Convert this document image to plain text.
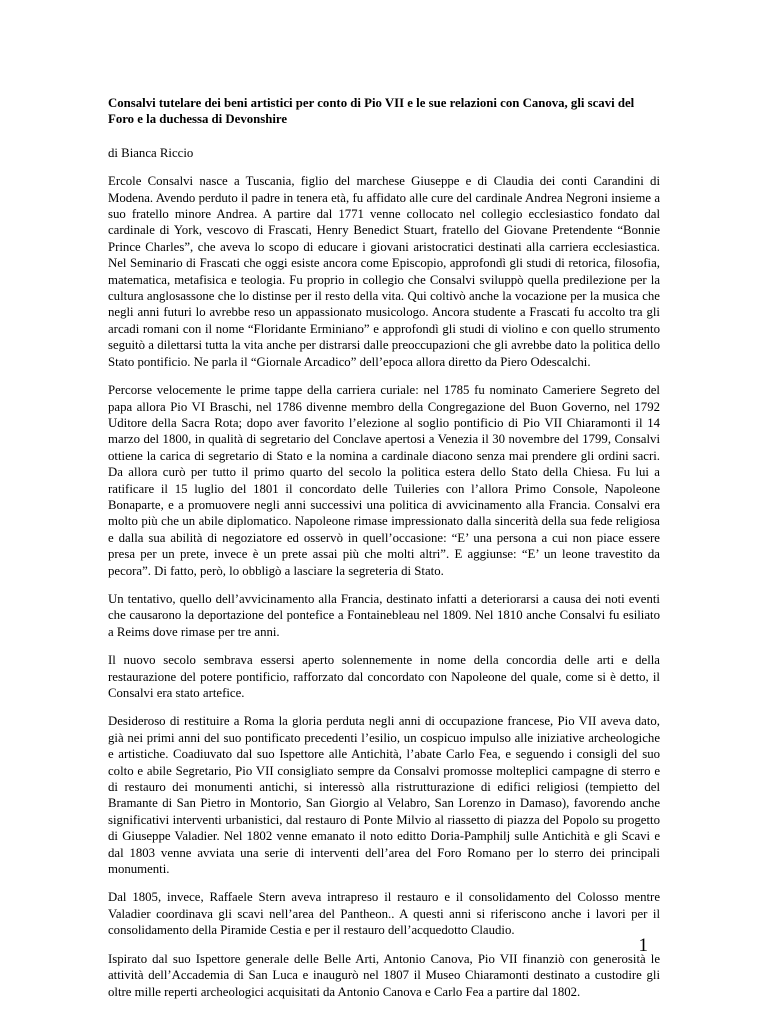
Consalvi tutelare dei beni artistici per conto di Pio VII e le sue relazioni con Canova, gli scavi del Foro e la duchessa di Devonshire

di Bianca Riccio

Ercole Consalvi nasce a Tuscania, figlio del marchese Giuseppe e di Claudia dei conti Carandini di Modena. Avendo perduto il padre in tenera età, fu affidato alle cure del cardinale Andrea Negroni insieme a suo fratello minore Andrea. A partire dal 1771 venne collocato nel collegio ecclesiastico fondato dal cardinale di York, vescovo di Frascati, Henry Benedict Stuart, fratello del Giovane Pretendente “Bonnie Prince Charles”, che aveva lo scopo di educare i giovani aristocratici destinati alla carriera ecclesiastica. Nel Seminario di Frascati che oggi esiste ancora come Episcopio, approfondì gli studi di retorica, filosofia, matematica, metafisica e teologia. Fu proprio in collegio che Consalvi sviluppò quella predilezione per la cultura anglosassone che lo distinse per il resto della vita. Qui coltivò anche la vocazione per la musica che negli anni futuri lo avrebbe reso un appassionato musicologo. Ancora studente a Frascati fu accolto tra gli arcadi romani con il nome “Floridante Erminiano” e approfondì gli studi di violino e con quello strumento seguitò a dilettarsi tutta la vita anche per distrarsi dalle preoccupazioni che gli avrebbe dato la politica dello Stato pontificio. Ne parla il “Giornale Arcadico” dell’epoca allora diretto da Piero Odescalchi.

Percorse velocemente le prime tappe della carriera curiale: nel 1785 fu nominato Cameriere Segreto del papa allora Pio VI Braschi, nel 1786 divenne membro della Congregazione del Buon Governo, nel 1792 Uditore della Sacra Rota; dopo aver favorito l’elezione al soglio pontificio di Pio VII Chiaramonti il 14 marzo del 1800, in qualità di segretario del Conclave apertosi a Venezia il 30 novembre del 1799, Consalvi ottiene la carica di segretario di Stato e la nomina a cardinale diacono senza mai prendere gli ordini sacri. Da allora curò per tutto il primo quarto del secolo la politica estera dello Stato della Chiesa. Fu lui a ratificare il 15 luglio del 1801 il concordato delle Tuileries con l’allora Primo Console, Napoleone Bonaparte, e a promuovere negli anni successivi una politica di avvicinamento alla Francia. Consalvi era molto più che un abile diplomatico. Napoleone rimase impressionato dalla sincerità della sua fede religiosa e dalla sua abilità di negoziatore ed osservò in quell’occasione: “E’ una persona a cui non piace essere presa per un prete, invece è un prete assai più che molti altri”. E aggiunse: “E’ un leone travestito da pecora”. Di fatto, però, lo obbligò a lasciare la segreteria di Stato.

Un tentativo, quello dell’avvicinamento alla Francia, destinato infatti a deteriorarsi a causa dei noti eventi che causarono la deportazione del pontefice a Fontainebleau nel 1809. Nel 1810 anche Consalvi fu esiliato a Reims dove rimase per tre anni.

Il nuovo secolo sembrava essersi aperto solennemente in nome della concordia delle arti e della restaurazione del potere pontificio, rafforzato dal concordato con Napoleone del quale, come si è detto, il Consalvi era stato artefice.

Desideroso di restituire a Roma la gloria perduta negli anni di occupazione francese, Pio VII aveva dato, già nei primi anni del suo pontificato precedenti l’esilio, un cospicuo impulso alle iniziative archeologiche e artistiche. Coadiuvato dal suo Ispettore alle Antichità, l’abate Carlo Fea, e seguendo i consigli del suo colto e abile Segretario, Pio VII consigliato sempre da Consalvi promosse molteplici campagne di sterro e di restauro dei monumenti antichi, si interessò alla ristrutturazione di edifici religiosi (tempietto del Bramante di San Pietro in Montorio, San Giorgio al Velabro, San Lorenzo in Damaso), favorendo anche significativi interventi urbanistici, dal restauro di Ponte Milvio al riassetto di piazza del Popolo su progetto di Giuseppe Valadier. Nel 1802 venne emanato il noto editto Doria-Pamphilj sulle Antichità e gli Scavi e dal 1803 venne avviata una serie di interventi dell’area del Foro Romano per lo sterro dei principali monumenti.

Dal 1805, invece, Raffaele Stern aveva intrapreso il restauro e il consolidamento del Colosso mentre Valadier coordinava gli scavi nell’area del Pantheon.. A questi anni si riferiscono anche i lavori per il consolidamento della Piramide Cestia e per il restauro dell’acquedotto Claudio.

Ispirato dal suo Ispettore generale delle Belle Arti, Antonio Canova, Pio VII finanziò con generosità le attività dell’Accademia di San Luca e inaugurò nel 1807 il Museo Chiaramonti destinato a custodire gli oltre mille reperti archeologici acquisitati da Antonio Canova e Carlo Fea a partire dal 1802.

1
